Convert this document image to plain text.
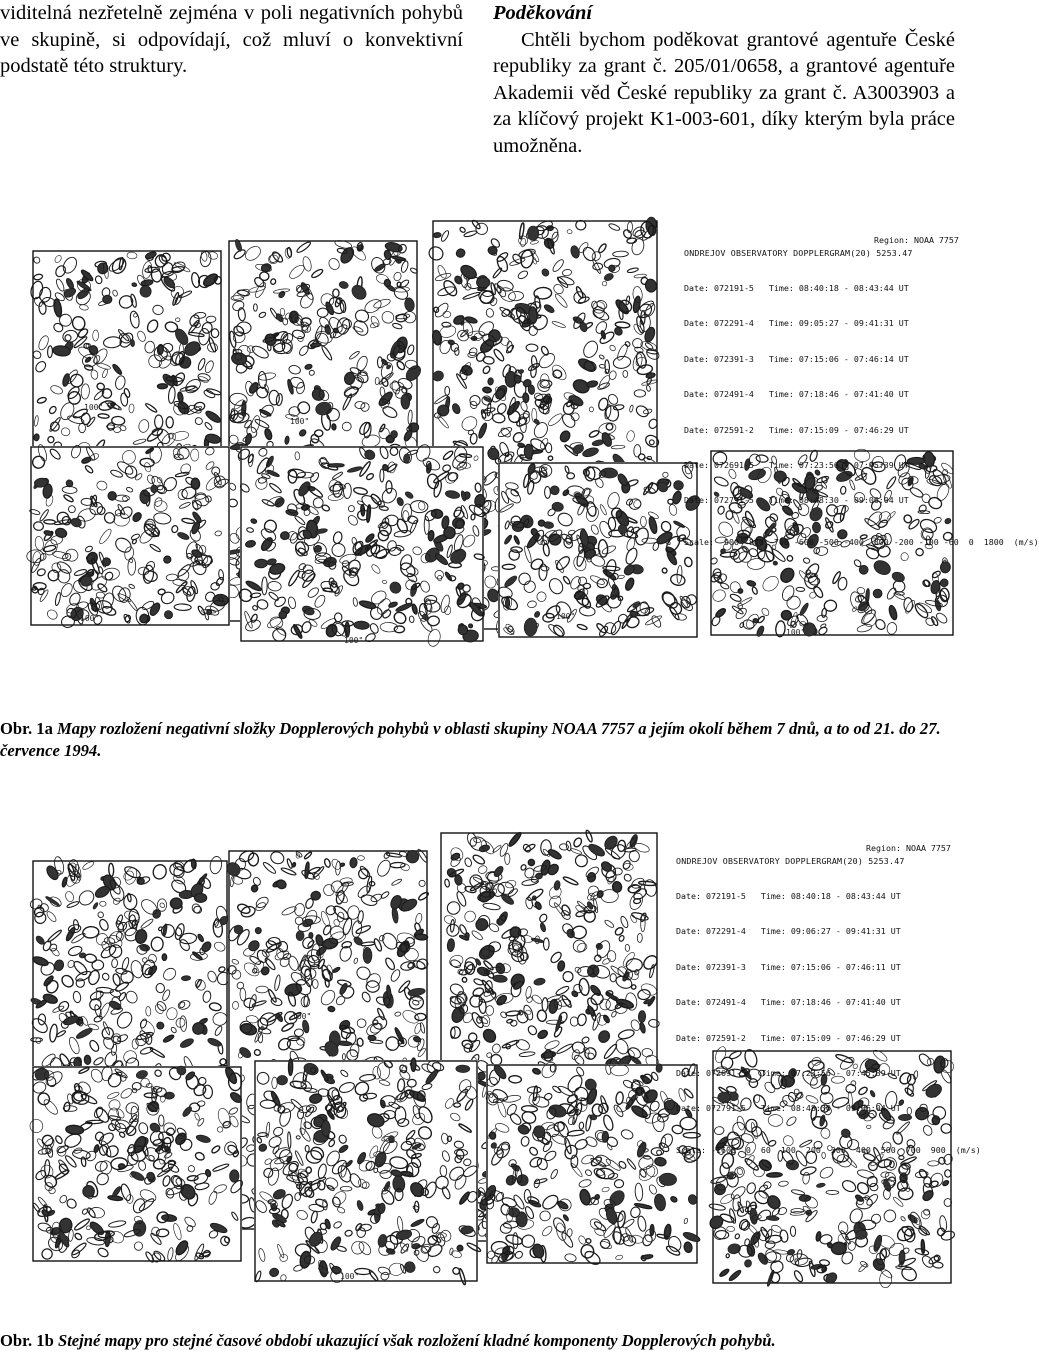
viditelná nezřetelně zejména v poli negativních pohybů ve skupině, si odpovídají, což mluví o konvektivní podstatě této struktury.

Poděkování

Chtěli bychom poděkovat grantové agentuře České republiky za grant č. 205/01/0658, a grantové agentuře Akademii věd České republiky za grant č. A3003903 a za klíčový projekt K1-003-601, díky kterým byla práce umožněna.

100"
100"
100"
100"
100"
100"

ONDREJOV OBSERVATORY DOPPLERGRAM(20) 5253.47

Date: 072191-5   Time: 08:40:18 - 08:43:44 UT

Date: 072291-4   Time: 09:05:27 - 09:41:31 UT

Date: 072391-3   Time: 07:15:06 - 07:46:14 UT

Date: 072491-4   Time: 07:18:46 - 07:41:40 UT

Date: 072591-2   Time: 07:15:09 - 07:46:29 UT

Date: 072691-5   Time: 07:23:56 - 07:45:39 UT

Date: 072791-5   Time: 08:48:30 - 09:06:04 UT

Scale: -900 -800 -700 -600 -500 -400 -300 -200 -100 -60  0  1800  (m/s)

Region: NOAA 7757

Obr. 1a Mapy rozložení negativní složky Dopplerových pohybů v oblasti skupiny NOAA 7757 a jejím okolí během 7 dnů, a to od 21. do 27. července 1994.

100"
100"

ONDREJOV OBSERVATORY DOPPLERGRAM(20) 5253.47

Date: 072191-5   Time: 08:40:18 - 08:43:44 UT

Date: 072291-4   Time: 09:06:27 - 09:41:31 UT

Date: 072391-3   Time: 07:15:06 - 07:46:11 UT

Date: 072491-4   Time: 07:18:46 - 07:41:40 UT

Date: 072591-2   Time: 07:15:09 - 07:46:29 UT

Date: 072691-5   Time: 07:23:56 - 07:45:39 UT

Date: 072791-5   Time: 08:48:30 - 09:06:04 UT

Scale: -1600  0  60  100  200  300  400  500  700  900  (m/s)

Region: NOAA 7757

Obr. 1b Stejné mapy pro stejné časové období ukazující však rozložení kladné komponenty Dopplerových pohybů.
